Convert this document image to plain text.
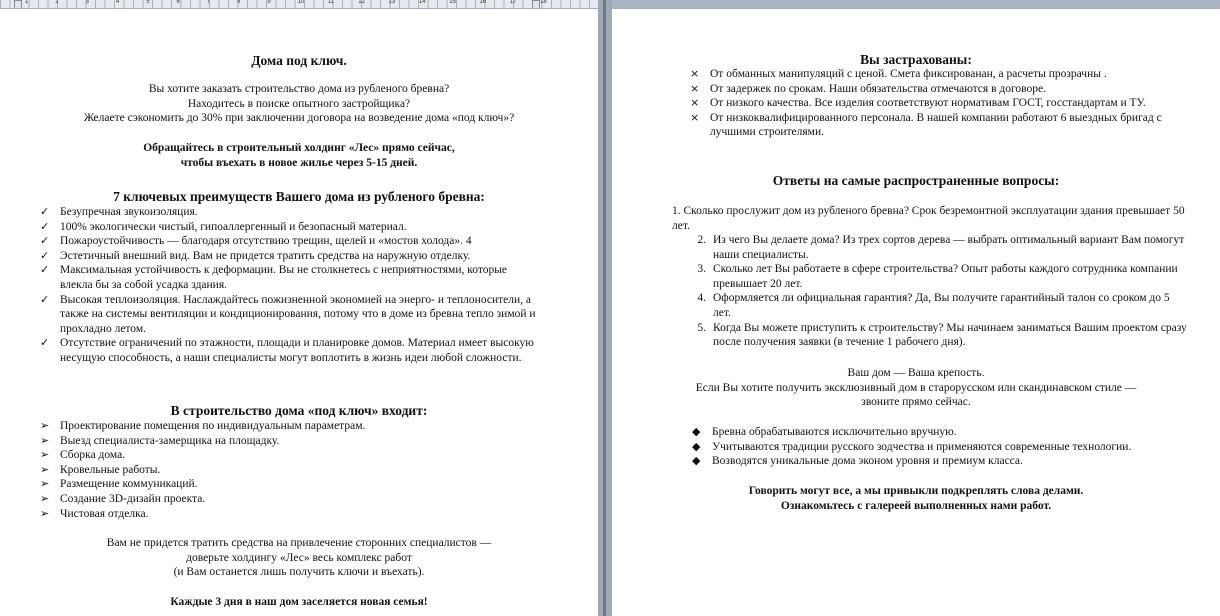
1	2	3	4	5	6	7	8	9	10	11	12	13	14	15	16	17	18
Дома под ключ.
Вы хотите заказать строительство дома из рубленого бревна?
Находитесь в поиске опытного застройщика?
Желаете сэкономить до 30% при заключении договора на возведение дома «под ключ»?
Обращайтесь в строительный холдинг «Лес» прямо сейчас,
чтобы въехать в новое жилье через 5-15 дней.
7 ключевых преимуществ Вашего дома из рубленого бревна:
✓ Безупречная звукоизоляция.
✓ 100% экологически чистый, гипоаллергенный и безопасный материал.
✓ Пожароустойчивость — благодаря отсутствию трещин, щелей и «мостов холода». 4
✓ Эстетичный внешний вид. Вам не придется тратить средства на наружную отделку.
✓ Максимальная устойчивость к деформации. Вы не столкнетесь с неприятностями, которые влекла бы за собой усадка здания.
✓ Высокая теплоизоляция. Наслаждайтесь пожизненной экономией на энерго- и теплоносители, а также на системы вентиляции и кондиционирования, потому что в доме из бревна тепло зимой и прохладно летом.
✓ Отсутствие ограничений по этажности, площади и планировке домов. Материал имеет высокую несущую способность, а наши специалисты могут воплотить в жизнь идеи любой сложности.
В строительство дома «под ключ» входит:
➢ Проектирование помещения по индивидуальным параметрам.
➢ Выезд специалиста-замерщика на площадку.
➢ Сборка дома.
➢ Кровельные работы.
➢ Размещение коммуникаций.
➢ Создание 3D-дизайн проекта.
➢ Чистовая отделка.
Вам не придется тратить средства на привлечение сторонних специалистов —
доверьте холдингу «Лес» весь комплекс работ
(и Вам останется лишь получить ключи и въехать).
Каждые 3 дня в наш дом заселяется новая семья!
Вы застрахованы:
× От обманных манипуляций с ценой. Смета фиксированан, а расчеты прозрачны .
× От задержек по срокам. Наши обязательства отмечаются в договоре.
× От низкого качества. Все изделия соответствуют нормативам ГОСТ, госстандартам и ТУ.
× От низкоквалифицированного персонала. В нашей компании работают 6 выездных бригад с лучшими строителями.
Ответы на самые распространенные вопросы:
1. Сколько прослужит дом из рубленого бревна? Срок безремонтной эксплуатации здания превышает 50 лет.
2. Из чего Вы делаете дома? Из трех сортов дерева — выбрать оптимальный вариант Вам помогут наши специалисты.
3. Сколько лет Вы работаете в сфере строительства? Опыт работы каждого сотрудника компании превышает 20 лет.
4. Оформляется ли официальная гарантия? Да, Вы получите гарантийный талон со сроком до 5 лет.
5. Когда Вы можете приступить к строительству? Мы начинаем заниматься Вашим проектом сразу после получения заявки (в течение 1 рабочего дня).
Ваш дом — Ваша крепость.
Если Вы хотите получить эксклюзивный дом в старорусском или скандинавском стиле —
звоните прямо сейчас.
◆	Бревна обрабатываются исключительно вручную.
◆	Учитываются традиции русского зодчества и применяются современные технологии.
◆	Возводятся уникальные дома эконом уровня и премиум класса.
Говорить могут все, а мы привыкли подкреплять слова делами.
Ознакомьтесь с галереей выполненных нами работ.
